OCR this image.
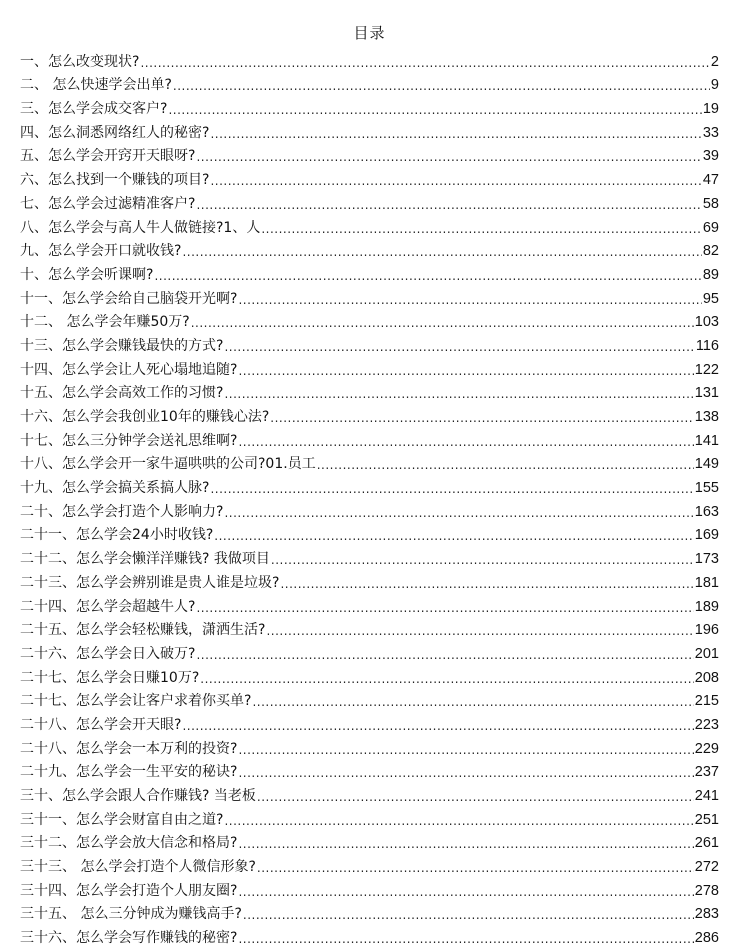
目录
一、怎么改变现状? .....	2
二、 怎么快速学会出单? .....	9
三、怎么学会成交客户? .....	19
四、怎么洞悉网络红人的秘密? .....	33
五、怎么学会开窍开天眼呀? .....	39
六、怎么找到一个赚钱的项目? .....	47
七、怎么学会过滤精准客户? .....	58
八、怎么学会与高人牛人做链接?1、人 .....	69
九、怎么学会开口就收钱? .....	82
十、怎么学会听课啊? .....	89
十一、怎么学会给自己脑袋开光啊? .....	95
十二、 怎么学会年赚50万? .....	103
十三、怎么学会赚钱最快的方式? .....	116
十四、怎么学会让人死心塌地追随? .....	122
十五、怎么学会高效工作的习惯? .....	131
十六、怎么学会我创业10年的赚钱心法? .....	138
十七、怎么三分钟学会送礼思维啊? .....	141
十八、怎么学会开一家牛逼哄哄的公司?01.员工 .....	149
十九、怎么学会搞关系搞人脉? .....	155
二十、怎么学会打造个人影响力? .....	163
二十一、怎么学会24小时收钱? .....	169
二十二、怎么学会懒洋洋赚钱? 我做项目 .....	173
二十三、怎么学会辨别谁是贵人谁是垃圾? .....	181
二十四、怎么学会超越牛人? .....	189
二十五、怎么学会轻松赚钱，潇洒生活? .....	196
二十六、怎么学会日入破万? .....	201
二十七、怎么学会日赚10万? .....	208
二十七、怎么学会让客户求着你买单? .....	215
二十八、怎么学会开天眼? .....	223
二十八、怎么学会一本万利的投资? .....	229
二十九、怎么学会一生平安的秘诀? .....	237
三十、怎么学会跟人合作赚钱? 当老板 .....	241
三十一、怎么学会财富自由之道? .....	251
三十二、怎么学会放大信念和格局? .....	261
三十三、 怎么学会打造个人微信形象? .....	272
三十四、怎么学会打造个人朋友圈? .....	278
三十五、 怎么三分钟成为赚钱高手? .....	283
三十六、怎么学会写作赚钱的秘密? .....	286
